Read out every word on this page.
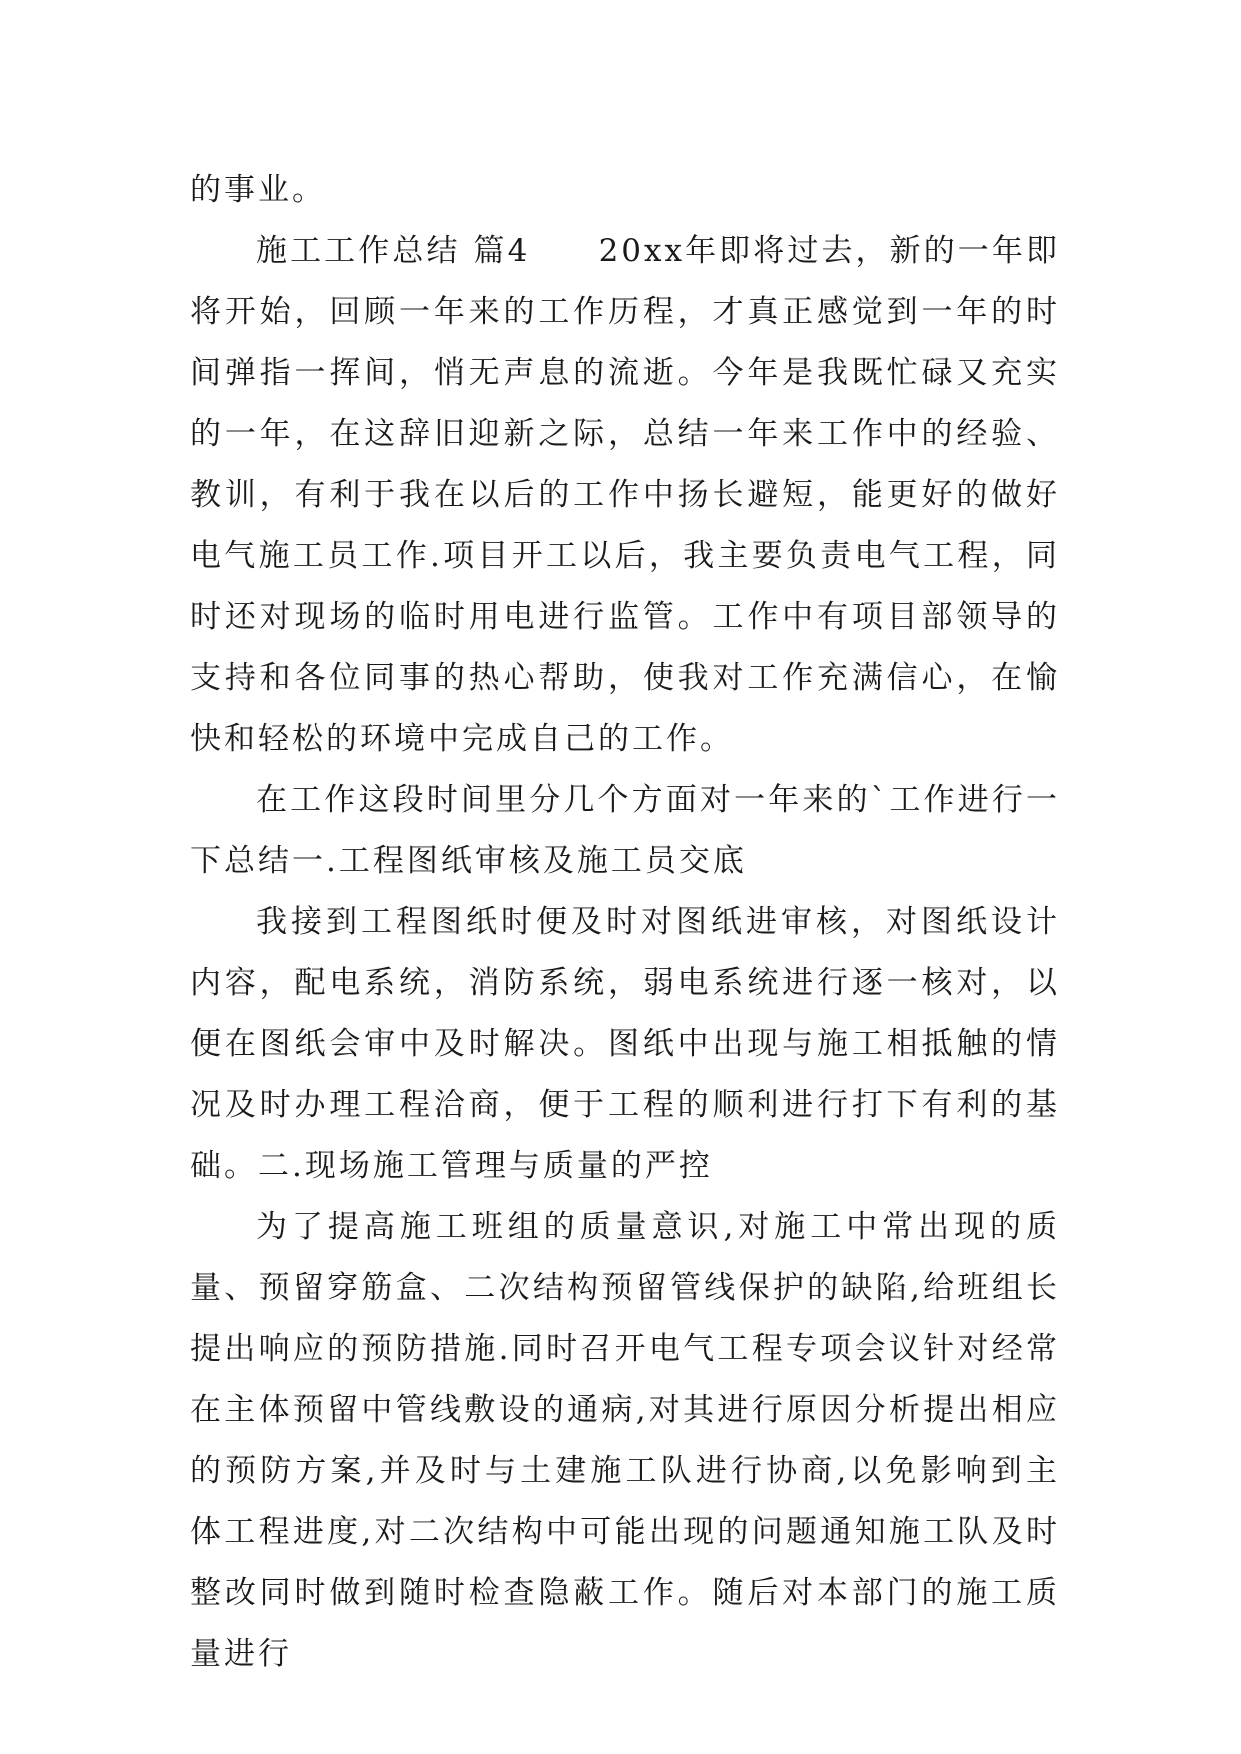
的事业。

施工工作总结 篇4　　20xx年即将过去，新的一年即将开始，回顾一年来的工作历程，才真正感觉到一年的时间弹指一挥间，悄无声息的流逝。今年是我既忙碌又充实的一年，在这辞旧迎新之际，总结一年来工作中的经验、教训，有利于我在以后的工作中扬长避短，能更好的做好电气施工员工作.项目开工以后，我主要负责电气工程，同时还对现场的临时用电进行监管。工作中有项目部领导的支持和各位同事的热心帮助，使我对工作充满信心，在愉快和轻松的环境中完成自己的工作。

在工作这段时间里分几个方面对一年来的`工作进行一下总结一.工程图纸审核及施工员交底

我接到工程图纸时便及时对图纸进审核，对图纸设计内容，配电系统，消防系统，弱电系统进行逐一核对，以便在图纸会审中及时解决。图纸中出现与施工相抵触的情况及时办理工程洽商，便于工程的顺利进行打下有利的基础。二.现场施工管理与质量的严控

为了提高施工班组的质量意识,对施工中常出现的质量、预留穿筋盒、二次结构预留管线保护的缺陷,给班组长提出响应的预防措施.同时召开电气工程专项会议针对经常在主体预留中管线敷设的通病,对其进行原因分析提出相应的预防方案,并及时与土建施工队进行协商,以免影响到主体工程进度,对二次结构中可能出现的问题通知施工队及时整改同时做到随时检查隐蔽工作。随后对本部门的施工质量进行
